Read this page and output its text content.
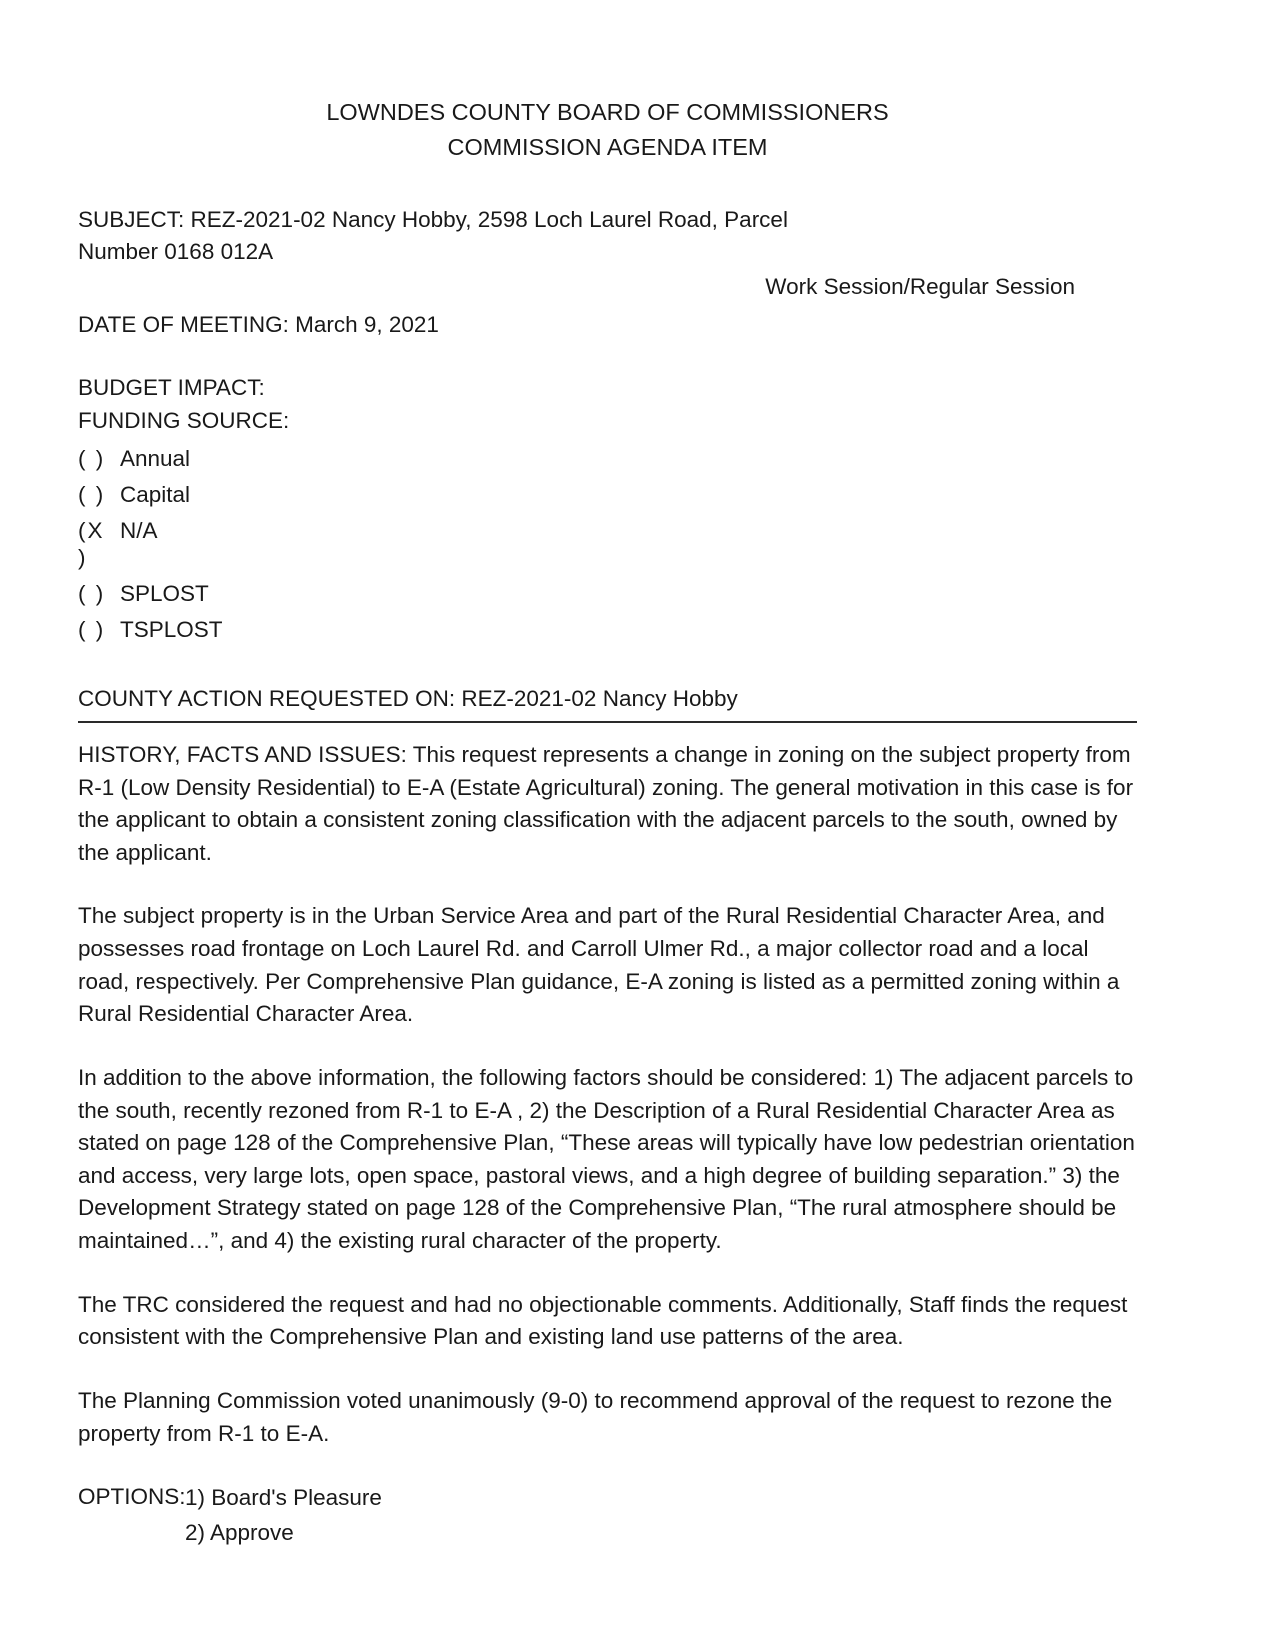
LOWNDES COUNTY BOARD OF COMMISSIONERS
COMMISSION AGENDA ITEM

SUBJECT: REZ-2021-02 Nancy Hobby, 2598 Loch Laurel Road, Parcel Number 0168 012A

Work Session/Regular Session

DATE OF MEETING: March 9, 2021

BUDGET IMPACT:
FUNDING SOURCE:
( ) Annual
( ) Capital
(X )
N/A
( ) SPLOST
( ) TSPLOST
COUNTY ACTION REQUESTED ON: REZ-2021-02 Nancy Hobby

HISTORY, FACTS AND ISSUES: This request represents a change in zoning on the subject property from R-1 (Low Density Residential) to E-A (Estate Agricultural) zoning. The general motivation in this case is for the applicant to obtain a consistent zoning classification with the adjacent parcels to the south, owned by the applicant.

The subject property is in the Urban Service Area and part of the Rural Residential Character Area, and possesses road frontage on Loch Laurel Rd. and Carroll Ulmer Rd., a major collector road and a local road, respectively. Per Comprehensive Plan guidance, E-A zoning is listed as a permitted zoning within a Rural Residential Character Area.

In addition to the above information, the following factors should be considered: 1) The adjacent parcels to the south, recently rezoned from R-1 to E-A , 2) the Description of a Rural Residential Character Area as stated on page 128 of the Comprehensive Plan, “These areas will typically have low pedestrian orientation and access, very large lots, open space, pastoral views, and a high degree of building separation.” 3) the Development Strategy stated on page 128 of the Comprehensive Plan, “The rural atmosphere should be maintained…”, and 4) the existing rural character of the property.

The TRC considered the request and had no objectionable comments. Additionally, Staff finds the request consistent with the Comprehensive Plan and existing land use patterns of the area.

The Planning Commission voted unanimously (9-0) to recommend approval of the request to rezone the property from R-1 to E-A.

OPTIONS: 1) Board's Pleasure
2) Approve
